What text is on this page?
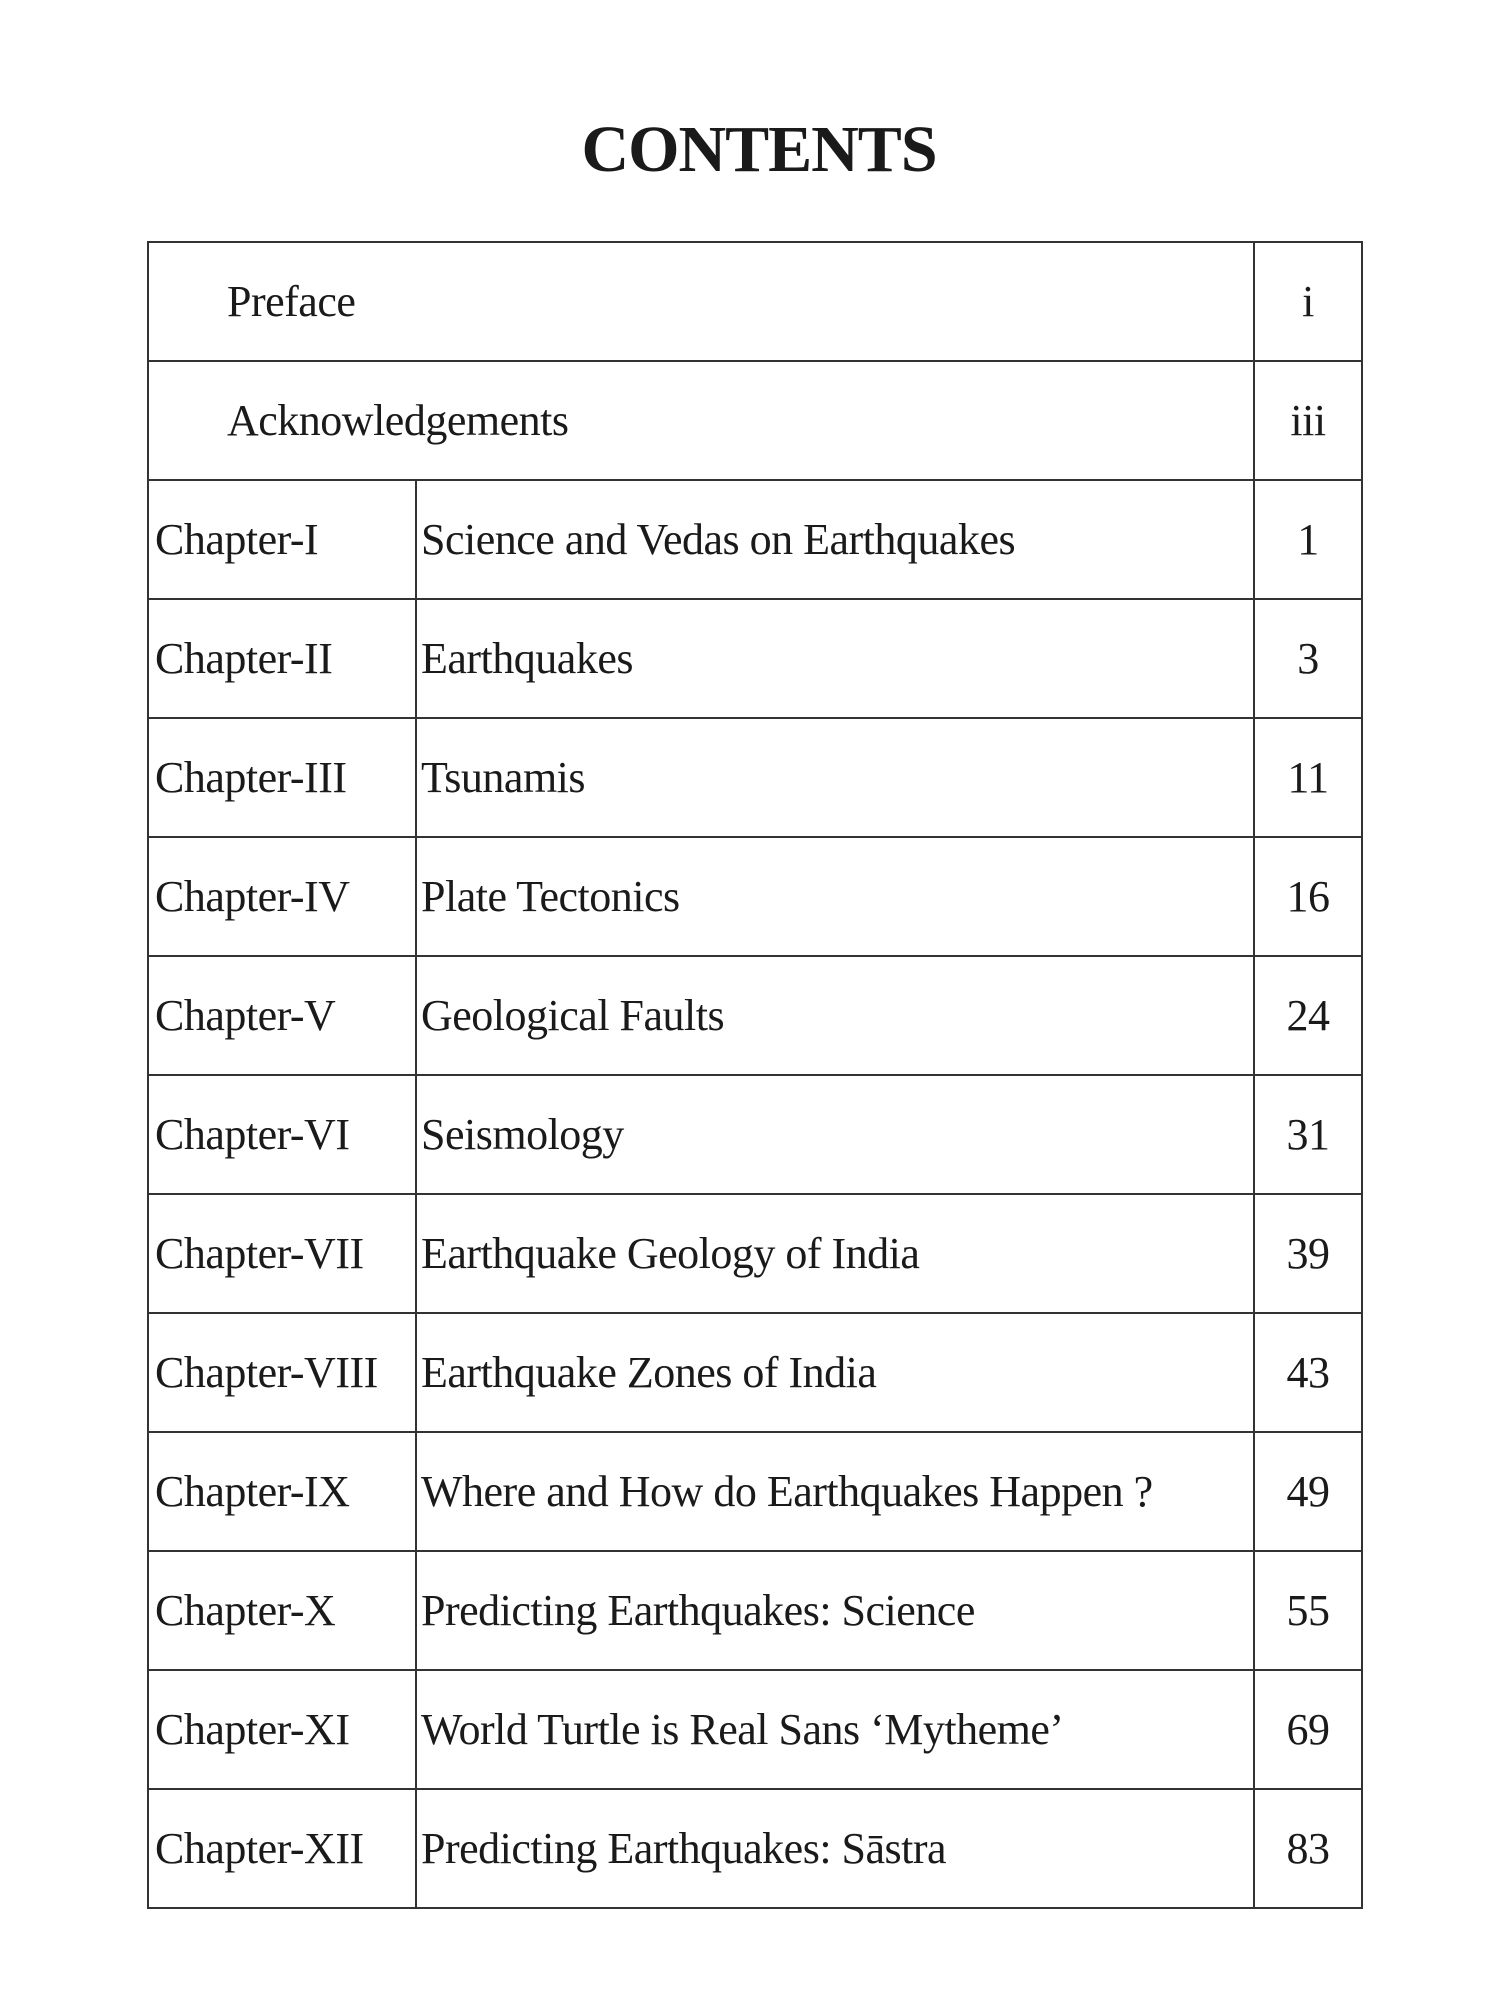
CONTENTS
Preface		i
Acknowledgements		iii
Chapter-I	Science and Vedas on Earthquakes	1
Chapter-II	Earthquakes	3
Chapter-III	Tsunamis	11
Chapter-IV	Plate Tectonics	16
Chapter-V	Geological Faults	24
Chapter-VI	Seismology	31
Chapter-VII	Earthquake Geology of India	39
Chapter-VIII	Earthquake Zones of India	43
Chapter-IX	Where and How do Earthquakes Happen ?	49
Chapter-X	Predicting Earthquakes: Science	55
Chapter-XI	World Turtle is Real Sans ‘Mytheme’	69
Chapter-XII	Predicting Earthquakes: Sāstra	83
